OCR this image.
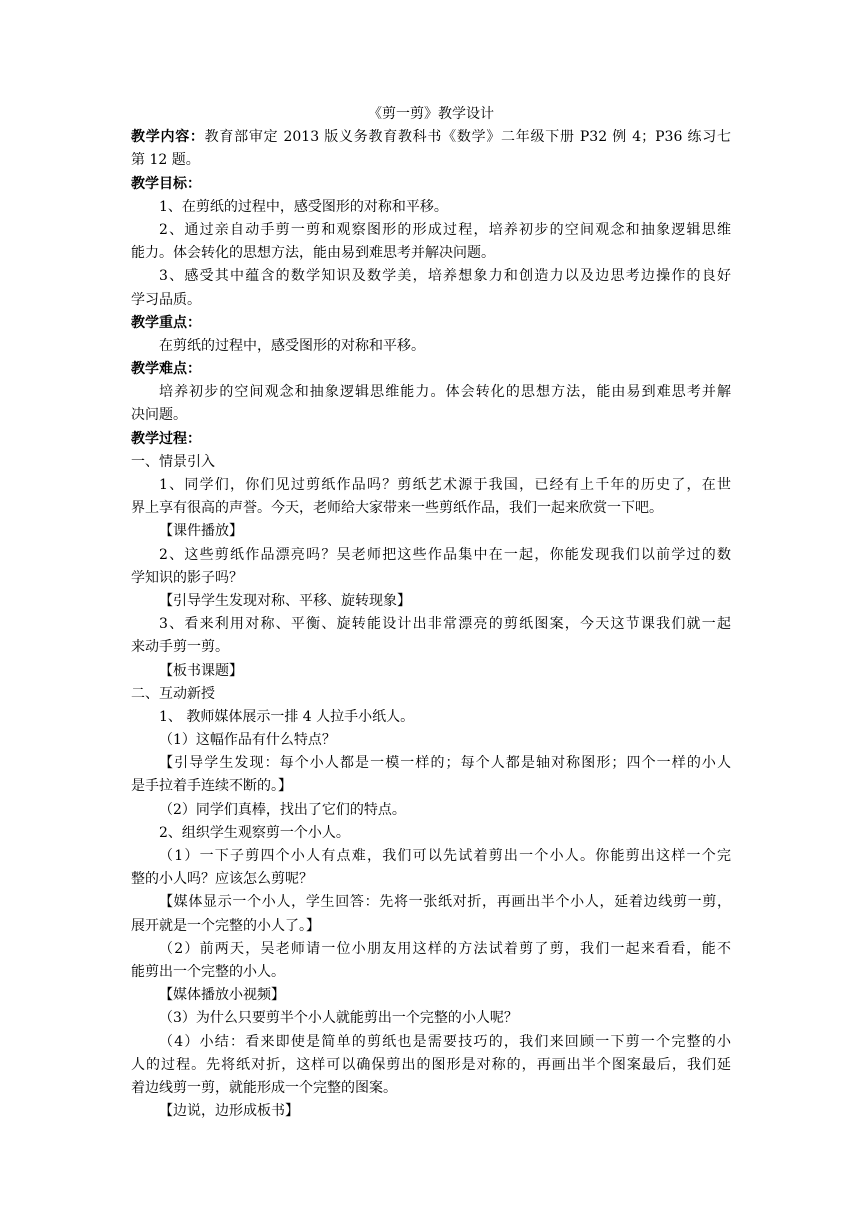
《剪一剪》教学设计
教学内容：教育部审定 2013 版义务教育教科书《数学》二年级下册 P32 例 4；P36 练习七
第 12 题。
教学目标：
1、在剪纸的过程中，感受图形的对称和平移。
2、通过亲自动手剪一剪和观察图形的形成过程，培养初步的空间观念和抽象逻辑思维
能力。体会转化的思想方法，能由易到难思考并解决问题。
3、感受其中蕴含的数学知识及数学美，培养想象力和创造力以及边思考边操作的良好
学习品质。
教学重点：
在剪纸的过程中，感受图形的对称和平移。
教学难点：
培养初步的空间观念和抽象逻辑思维能力。体会转化的思想方法，能由易到难思考并解
决问题。
教学过程：
一、情景引入
1、同学们，你们见过剪纸作品吗？剪纸艺术源于我国，已经有上千年的历史了，在世
界上享有很高的声誉。今天，老师给大家带来一些剪纸作品，我们一起来欣赏一下吧。
【课件播放】
2、这些剪纸作品漂亮吗？吴老师把这些作品集中在一起，你能发现我们以前学过的数
学知识的影子吗？
【引导学生发现对称、平移、旋转现象】
3、看来利用对称、平衡、旋转能设计出非常漂亮的剪纸图案，今天这节课我们就一起
来动手剪一剪。
【板书课题】
二、互动新授
1、 教师媒体展示一排 4 人拉手小纸人。
（1）这幅作品有什么特点？
【引导学生发现：每个小人都是一模一样的；每个人都是轴对称图形；四个一样的小人
是手拉着手连续不断的。】
（2）同学们真棒，找出了它们的特点。
2、组织学生观察剪一个小人。
（1）一下子剪四个小人有点难，我们可以先试着剪出一个小人。你能剪出这样一个完
整的小人吗？应该怎么剪呢？
【媒体显示一个小人，学生回答：先将一张纸对折，再画出半个小人，延着边线剪一剪，
展开就是一个完整的小人了。】
（2）前两天，吴老师请一位小朋友用这样的方法试着剪了剪，我们一起来看看，能不
能剪出一个完整的小人。
【媒体播放小视频】
（3）为什么只要剪半个小人就能剪出一个完整的小人呢？
（4）小结：看来即使是简单的剪纸也是需要技巧的，我们来回顾一下剪一个完整的小
人的过程。先将纸对折，这样可以确保剪出的图形是对称的，再画出半个图案最后，我们延
着边线剪一剪，就能形成一个完整的图案。
【边说，边形成板书】
